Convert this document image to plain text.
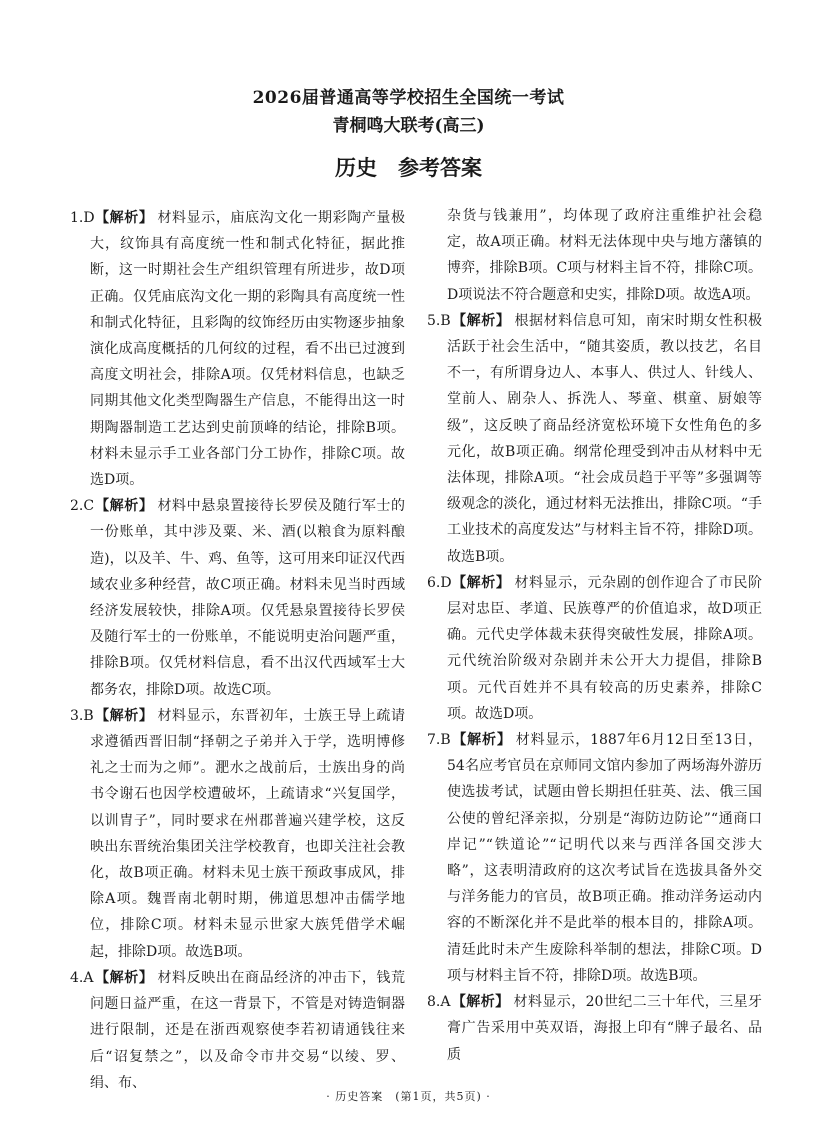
2026届普通高等学校招生全国统一考试
青桐鸣大联考(高三)
历史　参考答案

1.D 【解析】 材料显示，庙底沟文化一期彩陶产量极大，纹饰具有高度统一性和制式化特征，据此推断，这一时期社会生产组织管理有所进步，故D项正确。仅凭庙底沟文化一期的彩陶具有高度统一性和制式化特征，且彩陶的纹饰经历由实物逐步抽象演化成高度概括的几何纹的过程，看不出已过渡到高度文明社会，排除A项。仅凭材料信息，也缺乏同期其他文化类型陶器生产信息，不能得出这一时期陶器制造工艺达到史前顶峰的结论，排除B项。材料未显示手工业各部门分工协作，排除C项。故选D项。

2.C 【解析】 材料中悬泉置接待长罗侯及随行军士的一份账单，其中涉及粟、米、酒(以粮食为原料酿造)，以及羊、牛、鸡、鱼等，这可用来印证汉代西域农业多种经营，故C项正确。材料未见当时西域经济发展较快，排除A项。仅凭悬泉置接待长罗侯及随行军士的一份账单，不能说明吏治问题严重，排除B项。仅凭材料信息，看不出汉代西域军士大都务农，排除D项。故选C项。

3.B 【解析】 材料显示，东晋初年，士族王导上疏请求遵循西晋旧制“择朝之子弟并入于学，选明博修礼之士而为之师”。淝水之战前后，士族出身的尚书令谢石也因学校遭破坏，上疏请求“兴复国学，以训胄子”，同时要求在州郡普遍兴建学校，这反映出东晋统治集团关注学校教育，也即关注社会教化，故B项正确。材料未见士族干预政事成风，排除A项。魏晋南北朝时期，佛道思想冲击儒学地位，排除C项。材料未显示世家大族凭借学术崛起，排除D项。故选B项。

4.A 【解析】 材料反映出在商品经济的冲击下，钱荒问题日益严重，在这一背景下，不管是对铸造铜器进行限制，还是在浙西观察使李若初请通钱往来后“诏复禁之”，以及命令市井交易“以绫、罗、绢、布、

杂货与钱兼用”，均体现了政府注重维护社会稳定，故A项正确。材料无法体现中央与地方藩镇的博弈，排除B项。C项与材料主旨不符，排除C项。D项说法不符合题意和史实，排除D项。故选A项。

5.B 【解析】 根据材料信息可知，南宋时期女性积极活跃于社会生活中，“随其姿质，教以技艺，名目不一，有所谓身边人、本事人、供过人、针线人、堂前人、剧杂人、拆洗人、琴童、棋童、厨娘等级”，这反映了商品经济宽松环境下女性角色的多元化，故B项正确。纲常伦理受到冲击从材料中无法体现，排除A项。“社会成员趋于平等”多强调等级观念的淡化，通过材料无法推出，排除C项。“手工业技术的高度发达”与材料主旨不符，排除D项。故选B项。

6.D 【解析】 材料显示，元杂剧的创作迎合了市民阶层对忠臣、孝道、民族尊严的价值追求，故D项正确。元代史学体裁未获得突破性发展，排除A项。元代统治阶级对杂剧并未公开大力提倡，排除B项。元代百姓并不具有较高的历史素养，排除C项。故选D项。

7.B 【解析】 材料显示，1887年6月12日至13日，54名应考官员在京师同文馆内参加了两场海外游历使选拔考试，试题由曾长期担任驻英、法、俄三国公使的曾纪泽亲拟，分别是“海防边防论”“通商口岸记”“铁道论”“记明代以来与西洋各国交涉大略”，这表明清政府的这次考试旨在选拔具备外交与洋务能力的官员，故B项正确。推动洋务运动内容的不断深化并不是此举的根本目的，排除A项。清廷此时未产生废除科举制的想法，排除C项。D项与材料主旨不符，排除D项。故选B项。

8.A 【解析】 材料显示，20世纪二三十年代，三星牙膏广告采用中英双语，海报上印有“牌子最名、品质

· 历史答案　(第1页，共5页) ·
